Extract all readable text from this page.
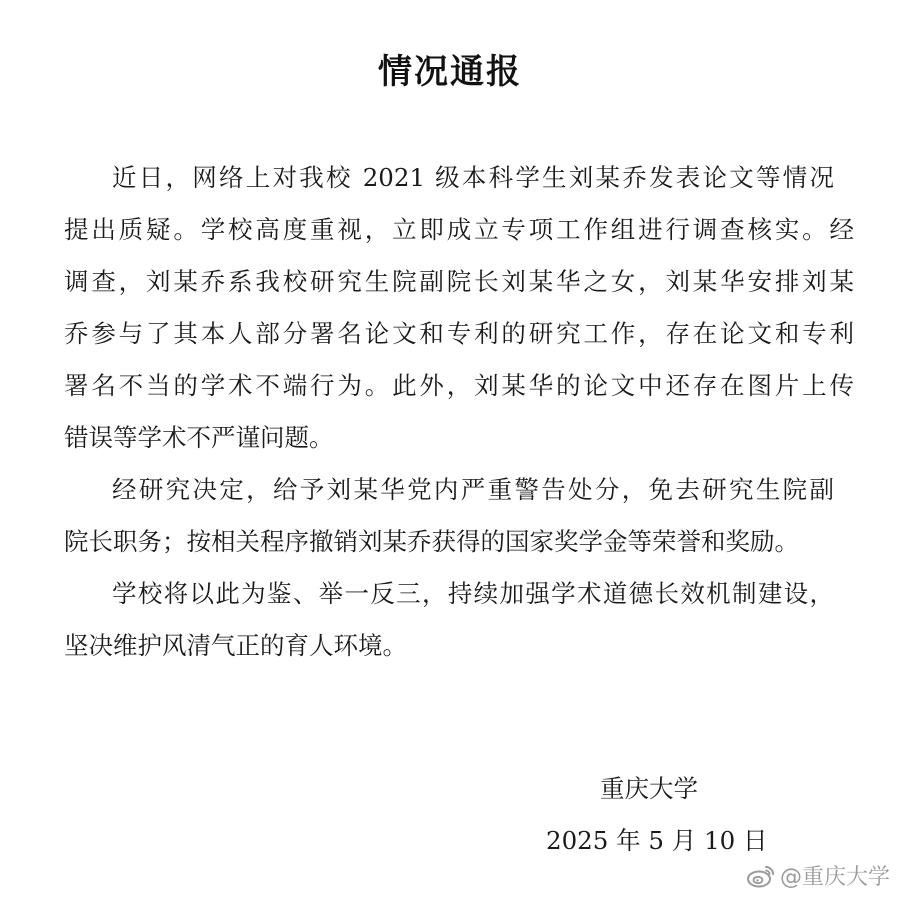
情况通报
近日，网络上对我校 2021 级本科学生刘某乔发表论文等情况
提出质疑。学校高度重视，立即成立专项工作组进行调查核实。经
调查，刘某乔系我校研究生院副院长刘某华之女，刘某华安排刘某
乔参与了其本人部分署名论文和专利的研究工作，存在论文和专利
署名不当的学术不端行为。此外，刘某华的论文中还存在图片上传
错误等学术不严谨问题。
经研究决定，给予刘某华党内严重警告处分，免去研究生院副
院长职务；按相关程序撤销刘某乔获得的国家奖学金等荣誉和奖励。
学校将以此为鉴、举一反三，持续加强学术道德长效机制建设，
坚决维护风清气正的育人环境。
重庆大学
2025 年 5 月 10 日
@重庆大学
